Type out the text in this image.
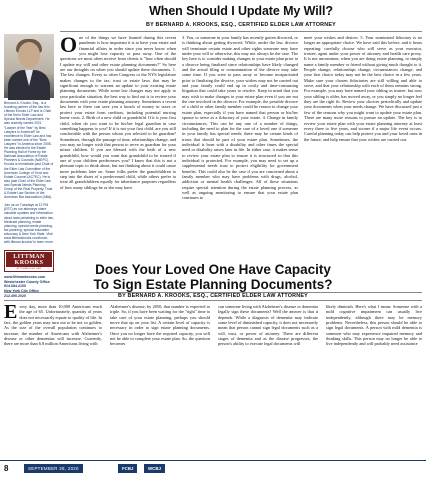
When Should I Update My Will?
BY BERNARD A. KROOKS, ESQ., CERTIFIED ELDER LAW ATTORNEY
Bernard A. Krooks, Esq., is a founding partner of the law firm Littman Krooks LLP and is Chair of the firm's Elder Law and Special Needs Department. He was recently named 2021 "Lawyer of the Year" by Best Lawyers in America® for excellence in Elder Law and has been named one of the "Best Lawyers" in America since 2008. He was elected to the Estate Planning Hall of Fame by the National Association of Estate Planners & Councils (NAEPC). Krooks is immediate past Chair of the Elder Law Committee of the American College of Trust and Estate Counsel (ACTEC). He is also past Chair of the Elder Law and Special Needs Planning Group of the Real Property, Trust & Estate Law Section of the American Bar Association (ABA).
Join us on Tuesdays at 12 PM (EST) as our attorneys share valuable updates and information about laws pertaining to elder law, Medicaid planning, estate planning, special needs planning, tax planning, special education advocacy & New York State. Visit www.littmankrooks.com/lunch-with-littman-krooks/ to learn more.
LITTMAN KROOKS
ATTORNEYS AT LAW
www.littmankrooks.com
Westchester County Office
914.684.2100
New York City Office
212.490.2020
One of the things we have learned during this recent pandemic is how important it is to have your estate and financial affairs in order since you never know when you might lose capacity or pass away. One of the questions we most often receive from clients is "how often should I update my will and other estate planning documents?" So here are our thoughts on when you should update these documents. 1. The law changes. Every so often Congress or the NYS legislature makes changes to the tax, trust or estate laws that may be significant enough to warrant an update to your existing estate planning documents. While some law changes may not apply to your particular situation, the best way to find out is to review your documents with your estate planning attorney. Sometimes a recent law here or there can save you a bunch of money in taxes or protect your estate from creditors, including potential nursing home costs. 2. Birth of a new child or grandchild. If it is your first child, when do you want to be his/her legal guardian in case something happens to you? If it is not your first child, are you still comfortable with the person whom you selected to be guardian? Sometimes, through the passage of time, relationships change, and you may no longer wish that person to serve as guardian for your minor children. If you are blessed with the birth of a new grandchild, how would you want that grandchild to be treated if one of your children predeceases you? I know that this is not a pleasant topic to think about, but not thinking about it could cause more problems later on. Some folks prefer the grandchildren to step into the shoes of a predeceased child, while others prefer to treat all grandchildren equally for inheritance purposes regardless of how many siblings he or she may have.
3. You, or someone in your family has recently gotten divorced, or is thinking about getting divorced. While, under the law, divorce will terminate certain estate and other rights someone may have under your will or otherwise, this may not always be the case. The key here is to consider making changes to your estate plan prior to a divorce being finalized since relationships have likely changed and the actual filing or consummation of the divorce may take some time. If you were to pass away or become incapacitated prior to finalizing the divorce, your wishes may not be carried out and your family could end up in costly and time-consuming litigation that could take years to resolve. Keep in mind that you may wish to make changes to your estate plan even if you are not the one involved in the divorce. For example, the possible divorce of a child or other family member could be reason to change your estate plan, especially if you have named that person or his/her spouse to serve as a fiduciary of your estate. 4. Change in family circumstances. This can be any one of a number of things, including the need to plan for the care of a loved one if someone in your family has special needs; there may be certain kinds of trusts that should be part of your estate plan. Sometimes, the individual is born with a disability and other times the special need or disability arises later in life. In either case, it makes sense to review your estate plan to ensure it is structured so that this individual is protected. For example, you may need to set up a supplemental needs trust to protect eligibility for government benefits. This could also be the case if you are concerned about a family member who may have problems with drugs, alcohol, addiction or mental health challenges. All of these situations require special attention during the estate planning process, as well as ongoing monitoring to ensure that your estate plan continues to
meet your wishes and desires. 5. Your nominated fiduciary is no longer an appropriate choice. We have said this before, and it bears repeating: carefully choose who will serve as your executor, trustee, agent under your power of attorney and health care proxy. It is not uncommon, when you are doing estate planning, to simply name a family member or friend without giving much thought to it. People change, relationships change, circumstances change, and your first choice today may not be the best choice in a few years. Make sure your chosen fiduciaries are still willing and able to serve, and that your relationship with each of them remains strong. For example, you may have named your sibling as trustee, but now your sibling is older, has moved away, or you simply no longer feel they are the right fit. Review your choices periodically and update your documents when your needs change. We have discussed just a few of the reasons why you might want to update your estate plan. There are many more reasons to pursue an update. The key is to review your estate plan with your estate planning attorney at least every three to five years, and sooner if a major life event occurs. Careful planning today can help protect you and your loved ones in the future, and help ensure that your wishes are carried out.
Does Your Loved One Have Capacity
To Sign Estate Planning Documents?
BY BERNARD A. KROOKS, ESQ., CERTIFIED ELDER LAW ATTORNEY
Every day, more than 10,000 Americans reach the age of 65. Unfortunately, quantity of years does not necessarily equate to quality of life. In fact, the golden years may turn out to be not so golden. As the size of the overall population continues to increase, the number of Americans with Alzheimer's disease or other dementias will increase. Currently, there are more than 6.8 million Americans living with
Alzheimer's disease; by 2050, that number is expected to triple. So, if you have been waiting for the "right" time to take care of your estate planning, perhaps you should move that up on your list. A certain level of capacity is necessary in order to sign estate planning documents. Once you no longer have the required capacity, you will not be able to complete your estate plan. So, the question becomes
can someone living with Alzheimer's disease or dementia legally sign these documents? Well the answer is that it depends. While a diagnosis of dementia may indicate some level of diminished capacity, it does not necessarily mean that person cannot sign legal documents such as a will, trust, or power of attorney. There are different stages of dementia and as the disease progresses, the person's ability to execute legal documents will
likely diminish. Here's what I mean: Someone with a mild cognitive impairment can usually live independently, although there may be memory problems. Nevertheless, this person should be able to sign legal documents. A person with mild dementia is someone who may experience impaired memory and thinking skills. This person may no longer be able to live independently and will probably need assistance
8	SEPTEMBER 28, 2020	FCBJ	WCBJ
